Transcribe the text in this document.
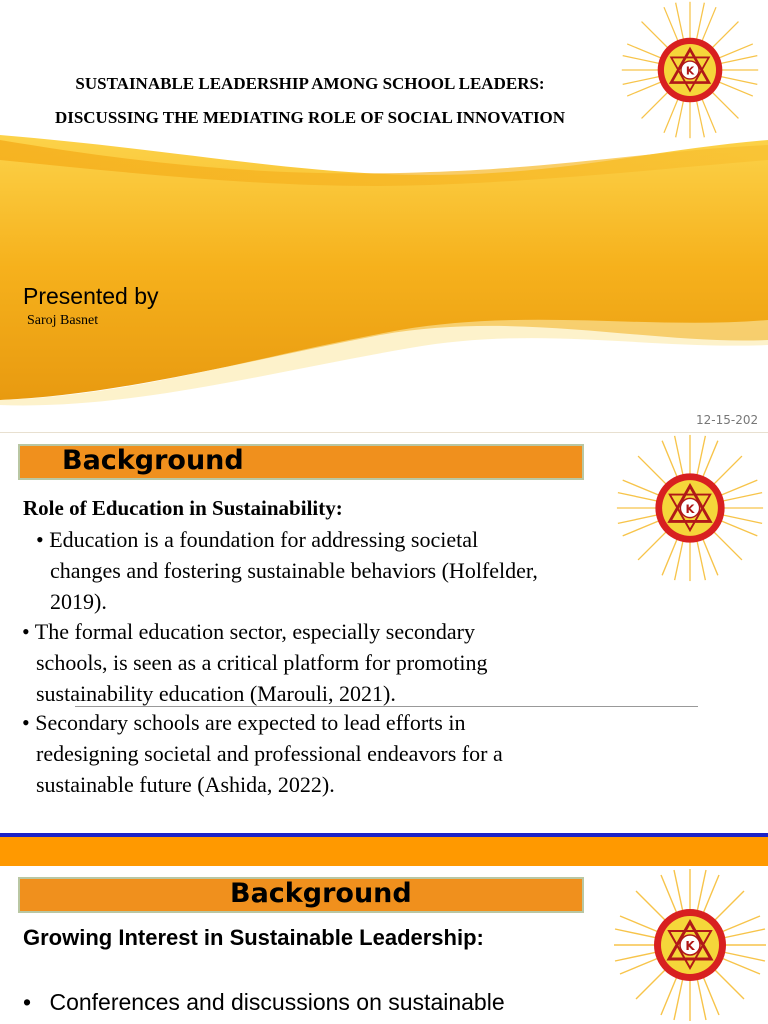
SUSTAINABLE LEADERSHIP AMONG SCHOOL LEADERS:
DISCUSSING THE MEDIATING ROLE OF SOCIAL INNOVATION
Presented by
Saroj Basnet
12-15-202
K
Background
K
Role of Education in Sustainability:
• Education is a foundation for addressing societal
changes and fostering sustainable behaviors (Holfelder,
2019).
• The formal education sector, especially secondary
schools, is seen as a critical platform for promoting
sustainability education (Marouli, 2021).
• Secondary schools are expected to lead efforts in
redesigning societal and professional endeavors for a
sustainable future (Ashida, 2022).
Background
K
Growing Interest in Sustainable Leadership:
• Conferences and discussions on sustainable
